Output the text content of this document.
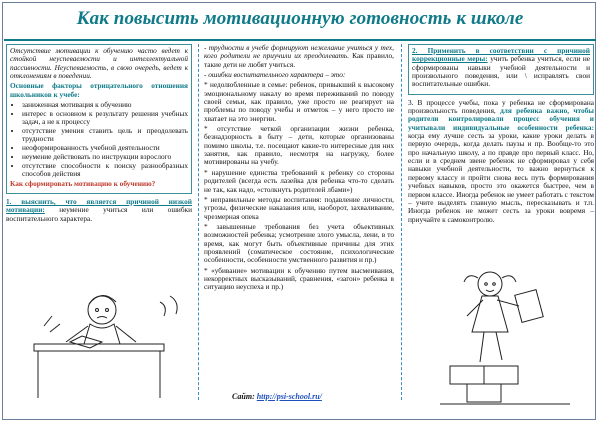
Как повысить мотивационную готовность к школе

Отсутствие мотивации к обучению часто ведет к стойкой неуспеваемости и интеллектуальной пассивности. Неуспеваемость, в свою очередь, ведет к отклонениям в поведении.

Основные факторы отрицательного отношения школьников к учебе:

• заниженная мотивация к обучению
• интерес в основном к результату решения учебных задач, а не к процессу
• отсутствие умения ставить цель и преодолевать трудности
• неоформированность учебной деятельности
• неумение действовать по инструкции взрослого
• отсутствие способности к поиску разнообразных способов действия

Как сформировать мотивацию к обучению?

1. выяснить, что является причиной низкой мотивации: неумение учиться или ошибки воспитательного характера.

- трудности в учебе формируют нежелание учиться у тех, кого родители не приучили их преодолевать. Как правило, такие дети не любят учиться.

- ошибки воспитательного характера – это:

* недолюбленные в семье: ребенок, привыкший к высокому эмоциональному накалу во время переживаний по поводу своей семьи, как правило, уже просто не реагирует на проблемы по поводу учебы и отметок – у него просто не хватает на это энергии.

* отсутствие четкой организации жизни ребенка, безнадзорность в быту – дети, которые организованы помимо школы, т.е. посещают какие-то интересные для них занятия, как правило, несмотря на нагрузку, более мотивированы на учебу.

* нарушение единства требований к ребенку со стороны родителей (всегда есть лазейка для ребенка что-то сделать не так, как надо, «столкнуть родителей лбами»)

* неправильные методы воспитания: подавление личности, угрозы, физические наказания или, наоборот, захваливание, чрезмерная опека

* завышенные требования без учета объективных возможностей ребенка; усмотрение злого умысла, лени, в то время, как могут быть объективные причины для этих проявлений (соматическое состояние, психологические особенности, особенности умственного развития и пр.)

* «убивание» мотивации к обучению путем высмеивания, некорректных высказываний, сравнения, «загон» ребенка в ситуацию неуспеха и пр.)

Сайт: http://psi-school.ru/

2. Применить в соответствии с причиной коррекционные меры: учить ребенка учиться, если не сформированы навыки учебной деятельности и произвольного поведения, или \ исправлять свои воспитательные ошибки.

3. В процессе учебы, пока у ребенка не сформирована произвольность поведения, для ребенка важно, чтобы родители контролировали процесс обучения и учитывали индивидуальные особенности ребенка: когда ему лучше сесть за уроки, какие уроки делать в первую очередь, когда делать паузы и пр. Вообще-то это про начальную школу, а по правде про первый класс. Но, если и в среднем звене ребенок не сформировал у себя навыки учебной деятельности, то важно вернуться к первому классу и пройти снова весь путь формирования учебных навыков, просто это окажется быстрее, чем в первом классе. Иногда ребенок не умеет работать с текстом – учите выделять главную мысль, пересказывать и т.п. Иногда ребенок не может сесть за уроки вовремя – приучайте к самоконтролю.
